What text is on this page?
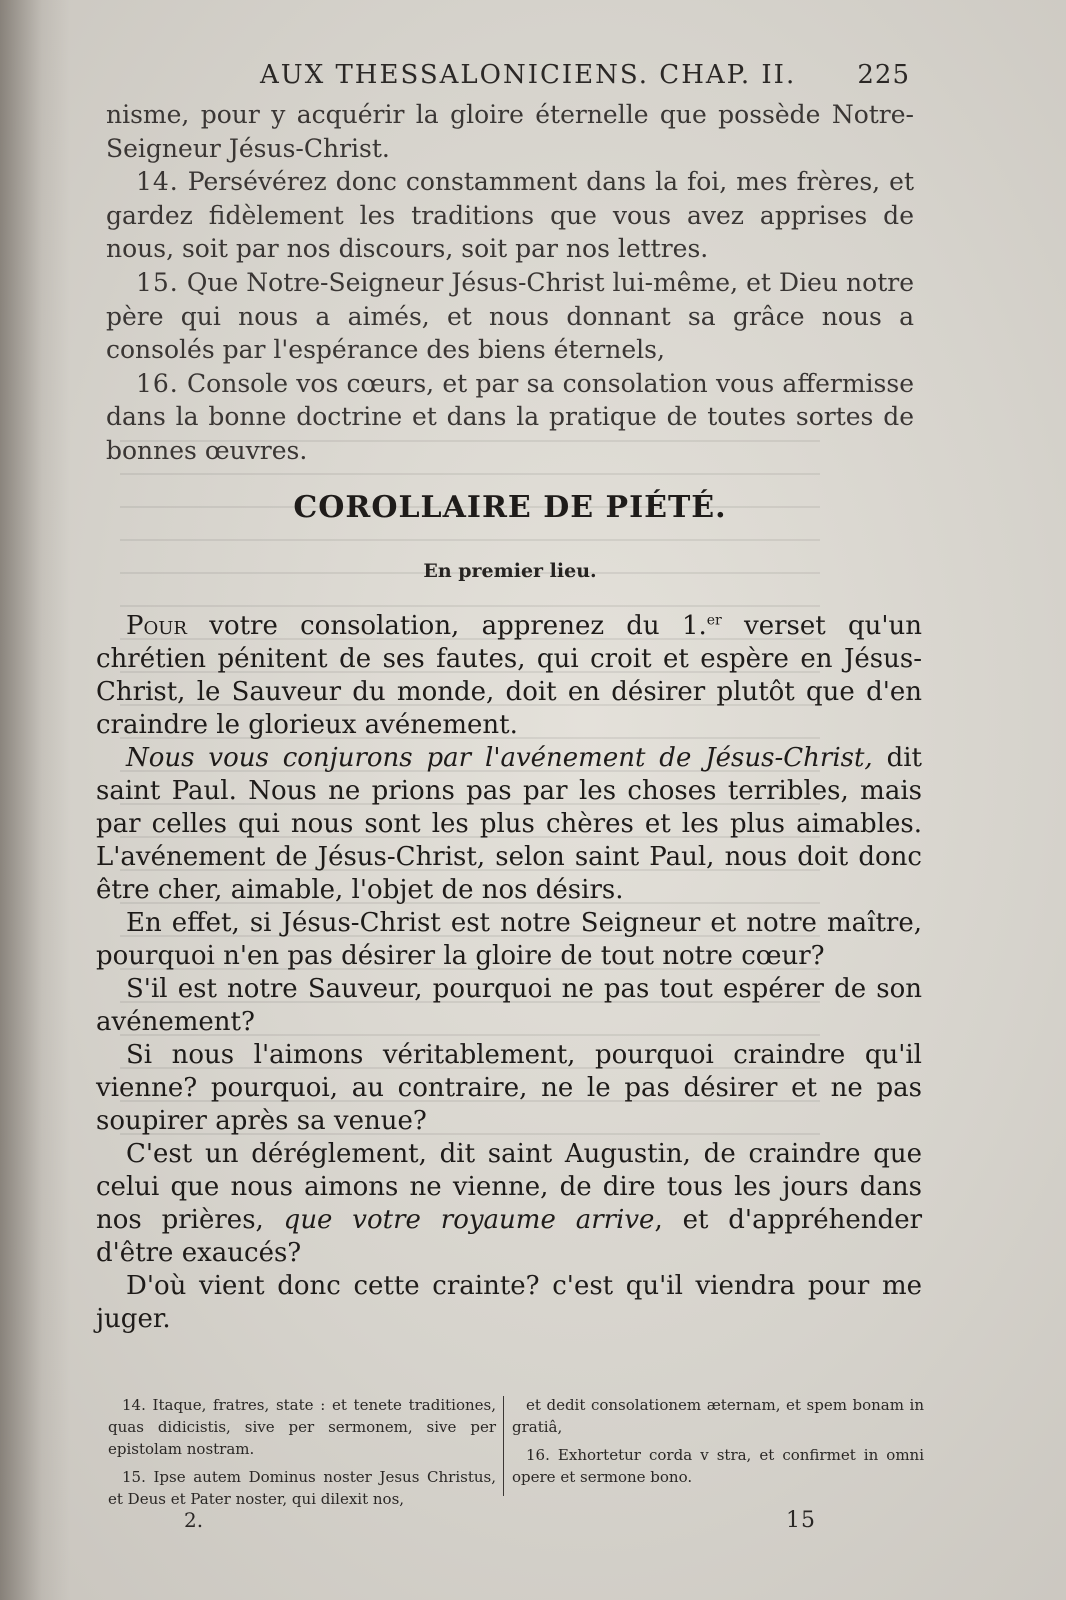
AUX THESSALONICIENS. CHAP. II. 225

nisme, pour y acquérir la gloire éternelle que possède Notre-Seigneur Jésus-Christ.

14. Persévérez donc constamment dans la foi, mes frères, et gardez fidèlement les traditions que vous avez apprises de nous, soit par nos discours, soit par nos lettres.

15. Que Notre-Seigneur Jésus-Christ lui-même, et Dieu notre père qui nous a aimés, et nous donnant sa grâce nous a consolés par l'espérance des biens éternels,

16. Console vos cœurs, et par sa consolation vous affermisse dans la bonne doctrine et dans la pratique de toutes sortes de bonnes œuvres.

COROLLAIRE DE PIÉTÉ.
En premier lieu.

Pour votre consolation, apprenez du 1.$^{er}$ verset qu'un chrétien pénitent de ses fautes, qui croit et espère en Jésus-Christ, le Sauveur du monde, doit en désirer plutôt que d'en craindre le glorieux avénement.

Nous vous conjurons par l'avénement de Jésus-Christ, dit saint Paul. Nous ne prions pas par les choses terribles, mais par celles qui nous sont les plus chères et les plus aimables. L'avénement de Jésus-Christ, selon saint Paul, nous doit donc être cher, aimable, l'objet de nos désirs.

En effet, si Jésus-Christ est notre Seigneur et notre maître, pourquoi n'en pas désirer la gloire de tout notre cœur?

S'il est notre Sauveur, pourquoi ne pas tout espérer de son avénement?

Si nous l'aimons véritablement, pourquoi craindre qu'il vienne? pourquoi, au contraire, ne le pas désirer et ne pas soupirer après sa venue?

C'est un déréglement, dit saint Augustin, de craindre que celui que nous aimons ne vienne, de dire tous les jours dans nos prières, que votre royaume arrive, et d'appréhender d'être exaucés?

D'où vient donc cette crainte? c'est qu'il viendra pour me juger.

14. Itaque, fratres, state : et tenete traditiones, quas didicistis, sive per sermonem, sive per epistolam nostram.

15. Ipse autem Dominus noster Jesus Christus, et Deus et Pater noster, qui dilexit nos,

et dedit consolationem æternam, et spem bonam in gratiâ,

16. Exhortetur corda v stra, et confirmet in omni opere et sermone bono.

2.	15
